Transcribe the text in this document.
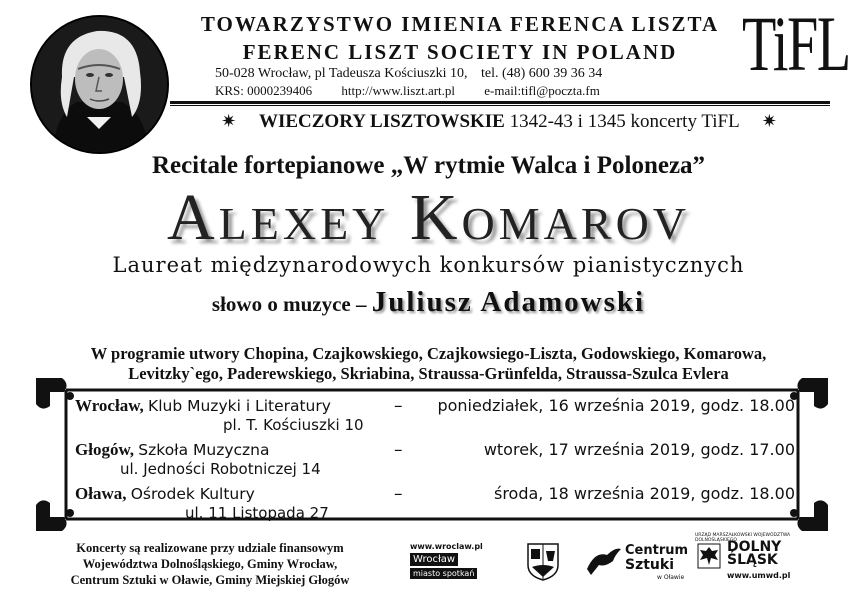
TOWARZYSTWO IMIENIA FERENCA LISZTA
FERENC LISZT SOCIETY IN POLAND
50-028 Wrocław, pl Tadeusza Kościuszki 10, tel. (48) 600 39 36 34
KRS: 0000239406 http://www.liszt.art.pl e-mail:tifl@poczta.fm
TiFL
✷ WIECZORY LISZTOWSKIE 1342-43 i 1345 koncerty TiFL ✷
Recitale fortepianowe „W rytmie Walca i Poloneza”
Alexey Komarov
Laureat międzynarodowych konkursów pianistycznych
słowo o muzyce – Juliusz Adamowski
W programie utwory Chopina, Czajkowskiego, Czajkowsiego-Liszta, Godowskiego, Komarowa,
Levitzky`ego, Paderewskiego, Skriabina, Straussa-Grünfelda, Straussa-Szulca Evlera
Wrocław, Klub Muzyki i Literatury	– poniedziałek, 16 września 2019, godz. 18.00
pl. T. Kościuszki 10
Głogów, Szkoła Muzyczna	–	wtorek, 17 września 2019, godz. 17.00
ul. Jedności Robotniczej 14
Oława, Ośrodek Kultury	–	środa, 18 września 2019, godz. 18.00
ul. 11 Listopada 27
Koncerty są realizowane przy udziale finansowym
Województwa Dolnośląskiego, Gminy Wrocław,
Centrum Sztuki w Oławie, Gminy Miejskiej Głogów
www.wroclaw.pl
Wrocław
miasto spotkań
Centrum
Sztuki
w Oławie
URZĄD MARSZAŁKOWSKI WOJEWÓDZTWA DOLNOŚLĄSKIEGO
DOLNY
ŚLĄSK
www.umwd.pl
